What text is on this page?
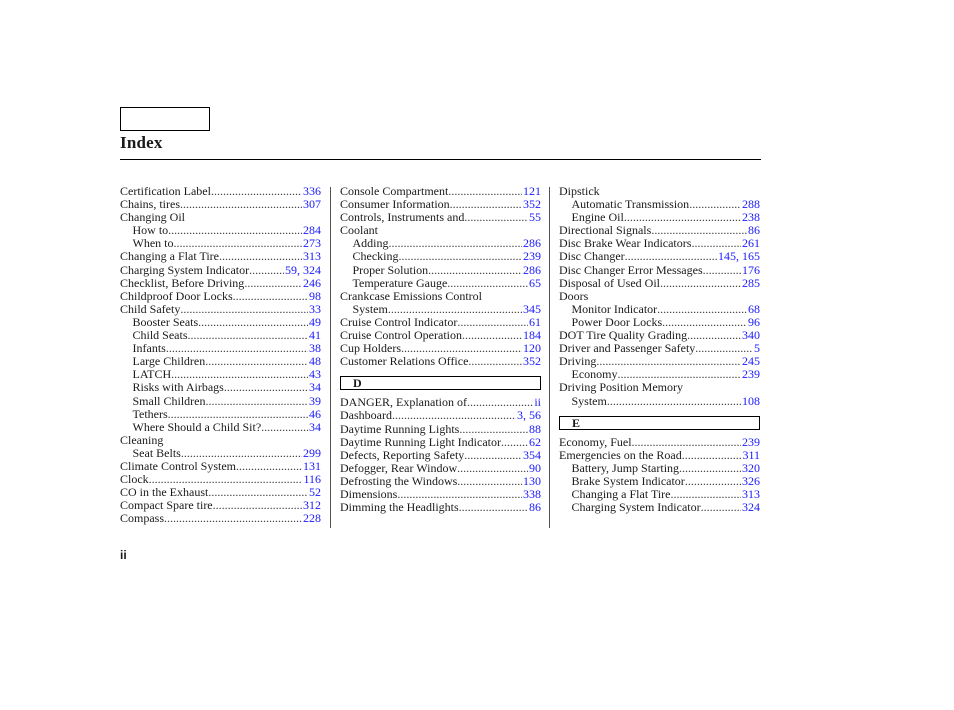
Index
Certification Label .....	336
Chains, tires .....	307
Changing Oil
How to .....	284
When to .....	273
Changing a Flat Tire .....	313
Charging System Indicator .....	59, 324
Checklist, Before Driving .....	246
Childproof Door Locks .....	98
Child Safety .....	33
Booster Seats .....	49
Child Seats .....	41
Infants .....	38
Large Children .....	48
LATCH .....	43
Risks with Airbags .....	34
Small Children .....	39
Tethers .....	46
Where Should a Child Sit? .....	34
Cleaning
Seat Belts .....	299
Climate Control System .....	131
Clock .....	116
CO in the Exhaust .....	52
Compact Spare tire .....	312
Compass .....	228
Console Compartment .....	121
Consumer Information .....	352
Controls, Instruments and .....	55
Coolant
Adding .....	286
Checking .....	239
Proper Solution .....	286
Temperature Gauge .....	65
Crankcase Emissions Control
System .....	345
Cruise Control Indicator .....	61
Cruise Control Operation .....	184
Cup Holders .....	120
Customer Relations Office .....	352
D
DANGER, Explanation of .....	ii
Dashboard .....	3, 56
Daytime Running Lights .....	88
Daytime Running Light Indicator ..... 62
Defects, Reporting Safety .....	354
Defogger, Rear Window .....	90
Defrosting the Windows .....	130
Dimensions .....	338
Dimming the Headlights .....	86
Dipstick
Automatic Transmission .....	288
Engine Oil .....	238
Directional Signals .....	86
Disc Brake Wear Indicators .....	261
Disc Changer .....	145, 165
Disc Changer Error Messages .....	176
Disposal of Used Oil .....	285
Doors
Monitor Indicator .....	68
Power Door Locks .....	96
DOT Tire Quality Grading .....	340
Driver and Passenger Safety .....	5
Driving .....	245
Economy .....	239
Driving Position Memory
System .....	108
E
Economy, Fuel .....	239
Emergencies on the Road .....	311
Battery, Jump Starting .....	320
Brake System Indicator .....	326
Changing a Flat Tire .....	313
Charging System Indicator .....	324
ii
